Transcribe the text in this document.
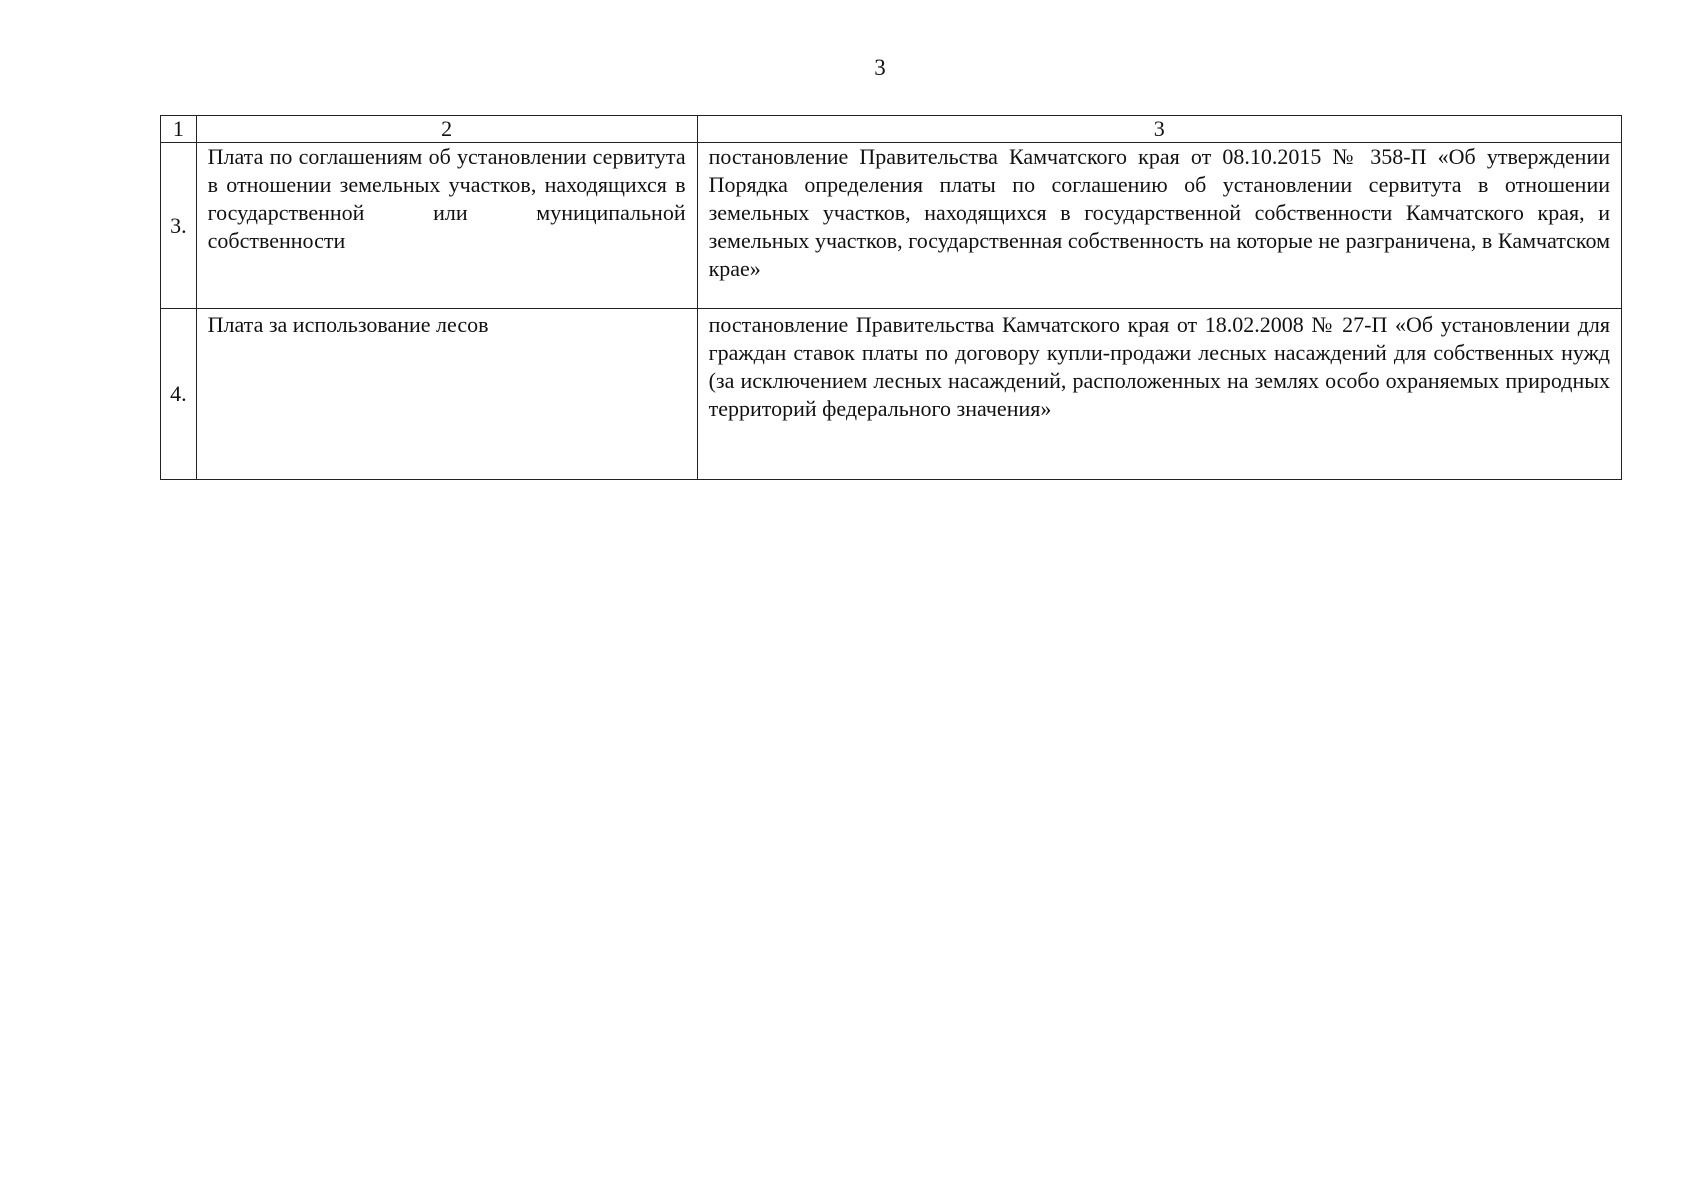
3
1	2	3
3.	Плата по соглашениям об установлении сервитута в отношении земельных участков, находящихся в государственной или муниципальной собственности	постановление Правительства Камчатского края от 08.10.2015 № 358-П «Об утверждении Порядка определения платы по соглашению об установлении сервитута в отношении земельных участков, находящихся в государственной собственности Камчатского края, и земельных участков, государственная собственность на которые не разграничена, в Камчатском крае»
4.	Плата за использование лесов	постановление Правительства Камчатского края от 18.02.2008 № 27-П «Об установлении для граждан ставок платы по договору купли-продажи лесных насаждений для собственных нужд (за исключением лесных насаждений, расположенных на землях особо охраняемых природных территорий федерального значения»
